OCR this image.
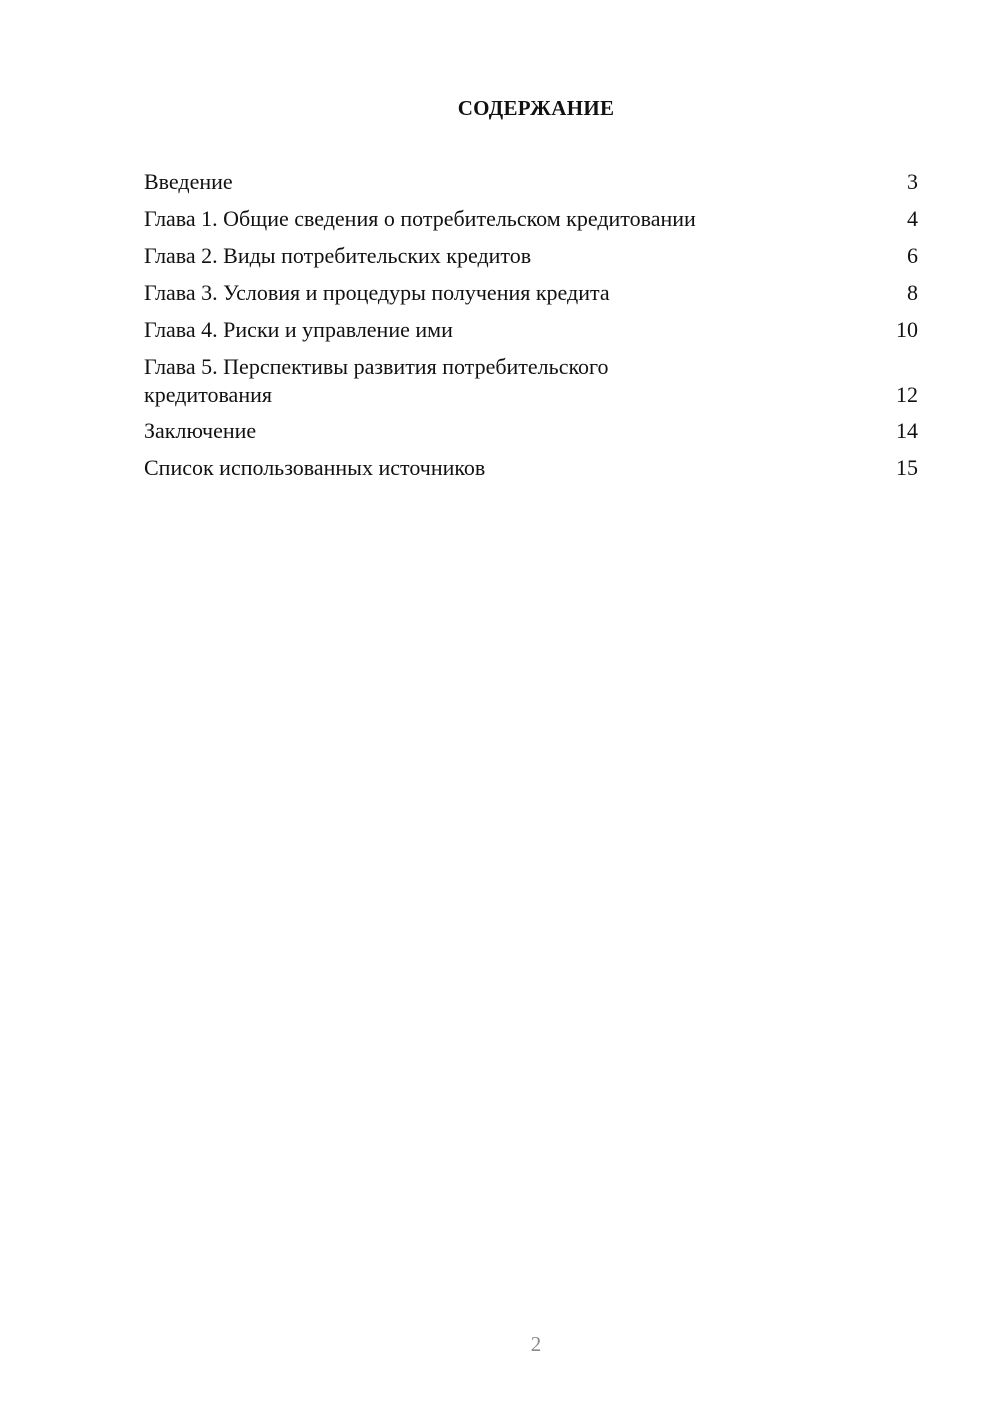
СОДЕРЖАНИЕ
Введение	3
Глава 1. Общие сведения о потребительском кредитовании	4
Глава 2. Виды потребительских кредитов	6
Глава 3. Условия и процедуры получения кредита	8
Глава 4. Риски и управление ими	10
Глава 5. Перспективы развития потребительского кредитования	12
Заключение	14
Список использованных источников	15
2
